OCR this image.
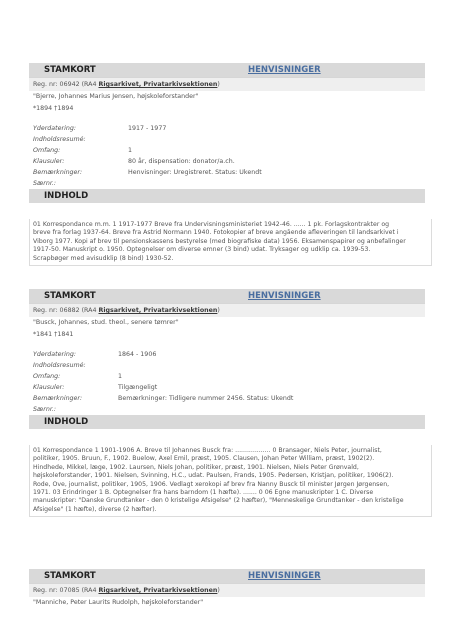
STAMKORT	HENVISNINGER
Reg. nr: 06942 (RA4 Rigsarkivet, Privatarkivsektionen)
"Bjerre, Johannes Marius Jensen, højskoleforstander"
*1894 †1894
Yderdatering:	1917 - 1977
Indholdsresumé:
Omfang:	1
Klausuler:	80 år, dispensation: donator/a.ch.
Bemærkninger:	Henvisninger: Uregistreret. Status: Ukendt
Særnr.:
INDHOLD
01 Korrespondance m.m. 1 1917-1977 Breve fra Undervisningsministeriet 1942-46. ...... 1 pk. Forlagskontrakter og
breve fra forlag 1937-64. Breve fra Astrid Normann 1940. Fotokopier af breve angående afleveringen til landsarkivet i
Viborg 1977. Kopi af brev til pensionskassens bestyrelse (med biografiske data) 1956. Eksamenspapirer og anbefalinger
1917-50. Manuskript o. 1950. Optegnelser om diverse emner (3 bind) udat. Tryksager og udklip ca. 1939-53.
Scrapbøger med avisudklip (8 bind) 1930-52.
STAMKORT	HENVISNINGER
Reg. nr: 06882 (RA4 Rigsarkivet, Privatarkivsektionen)
"Busck, Johannes, stud. theol., senere tømrer"
*1841 †1841
Yderdatering:	1864 - 1906
Indholdsresumé:
Omfang:	1
Klausuler:	Tilgængeligt
Bemærkninger:	Bemærkninger: Tidligere nummer 2456. Status: Ukendt
Særnr.:
INDHOLD
01 Korrespondance 1 1901-1906 A. Breve til Johannes Busck fra: .................. 0 Bransager, Niels Peter, journalist,
politiker, 1905. Bruun, F., 1902. Buelow, Axel Emil, præst, 1905. Clausen, Johan Peter William, præst, 1902(2).
Hindhede, Mikkel, læge, 1902. Laursen, Niels Johan, politiker, præst, 1901. Nielsen, Niels Peter Grønvald,
højskoleforstander, 1901. Nielsen, Svinning, H.C., udat. Paulsen, Frands, 1905. Pedersen, Kristjan, politiker, 1906(2).
Rode, Ove, journalist, politiker, 1905, 1906. Vedlagt xerokopi af brev fra Nanny Busck til minister Jørgen Jørgensen,
1971. 03 Erindringer 1 B. Optegnelser fra hans barndom (1 hæfte). ....... 0 06 Egne manuskripter 1 C. Diverse
manuskripter: "Danske Grundtanker - den 0 kristelige Afsigelse" (2 hæfter), "Menneskelige Grundtanker - den kristelige
Afsigelse" (1 hæfte), diverse (2 hæfter).
STAMKORT	HENVISNINGER
Reg. nr: 07085 (RA4 Rigsarkivet, Privatarkivsektionen)
"Manniche, Peter Laurits Rudolph, højskoleforstander"
